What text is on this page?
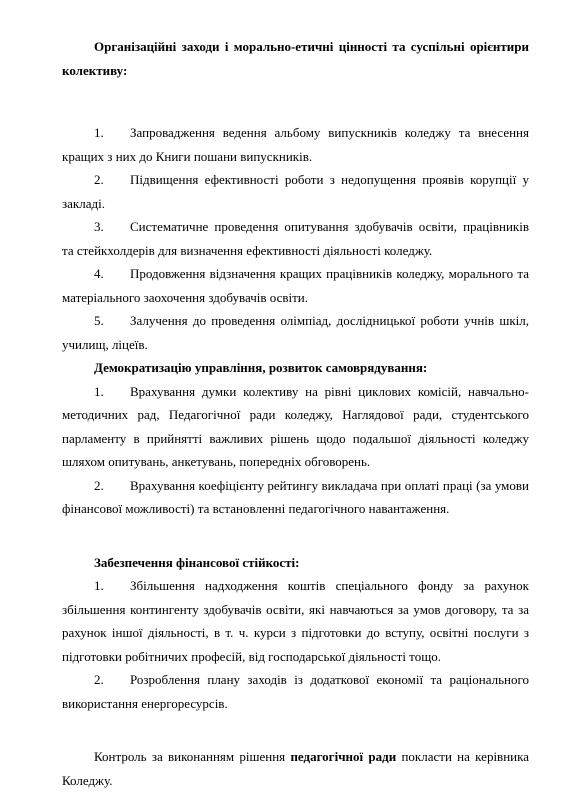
Організаційні заходи і морально-етичні цінності та суспільні орієнтири колективу:

1. Запровадження ведення альбому випускників коледжу та внесення кращих з них до Книги пошани випускників.

2. Підвищення ефективності роботи з недопущення проявів корупції у закладі.

3. Систематичне проведення опитування здобувачів освіти, працівників та стейкхолдерів для визначення ефективності діяльності коледжу.

4. Продовження відзначення кращих працівників коледжу, морального та матеріального заохочення здобувачів освіти.

5. Залучення до проведення олімпіад, дослідницької роботи учнів шкіл, училищ, ліцеїв.

Демократизацію управління, розвиток самоврядування:

1. Врахування думки колективу на рівні циклових комісій, навчально-методичних рад, Педагогічної ради коледжу, Наглядової ради, студентського парламенту в прийнятті важливих рішень щодо подальшої діяльності коледжу шляхом опитувань, анкетувань, попередніх обговорень.

2. Врахування коефіцієнту рейтингу викладача при оплаті праці (за умови фінансової можливості) та встановленні педагогічного навантаження.

Забезпечення фінансової стійкості:

1. Збільшення надходження коштів спеціального фонду за рахунок збільшення контингенту здобувачів освіти, які навчаються за умов договору, та за рахунок іншої діяльності, в т. ч. курси з підготовки до вступу, освітні послуги з підготовки робітничих професій, від господарської діяльності тощо.

2. Розроблення плану заходів із додаткової економії та раціонального використання енергоресурсів.

Контроль за виконанням рішення педагогічної ради покласти на керівника Коледжу.
